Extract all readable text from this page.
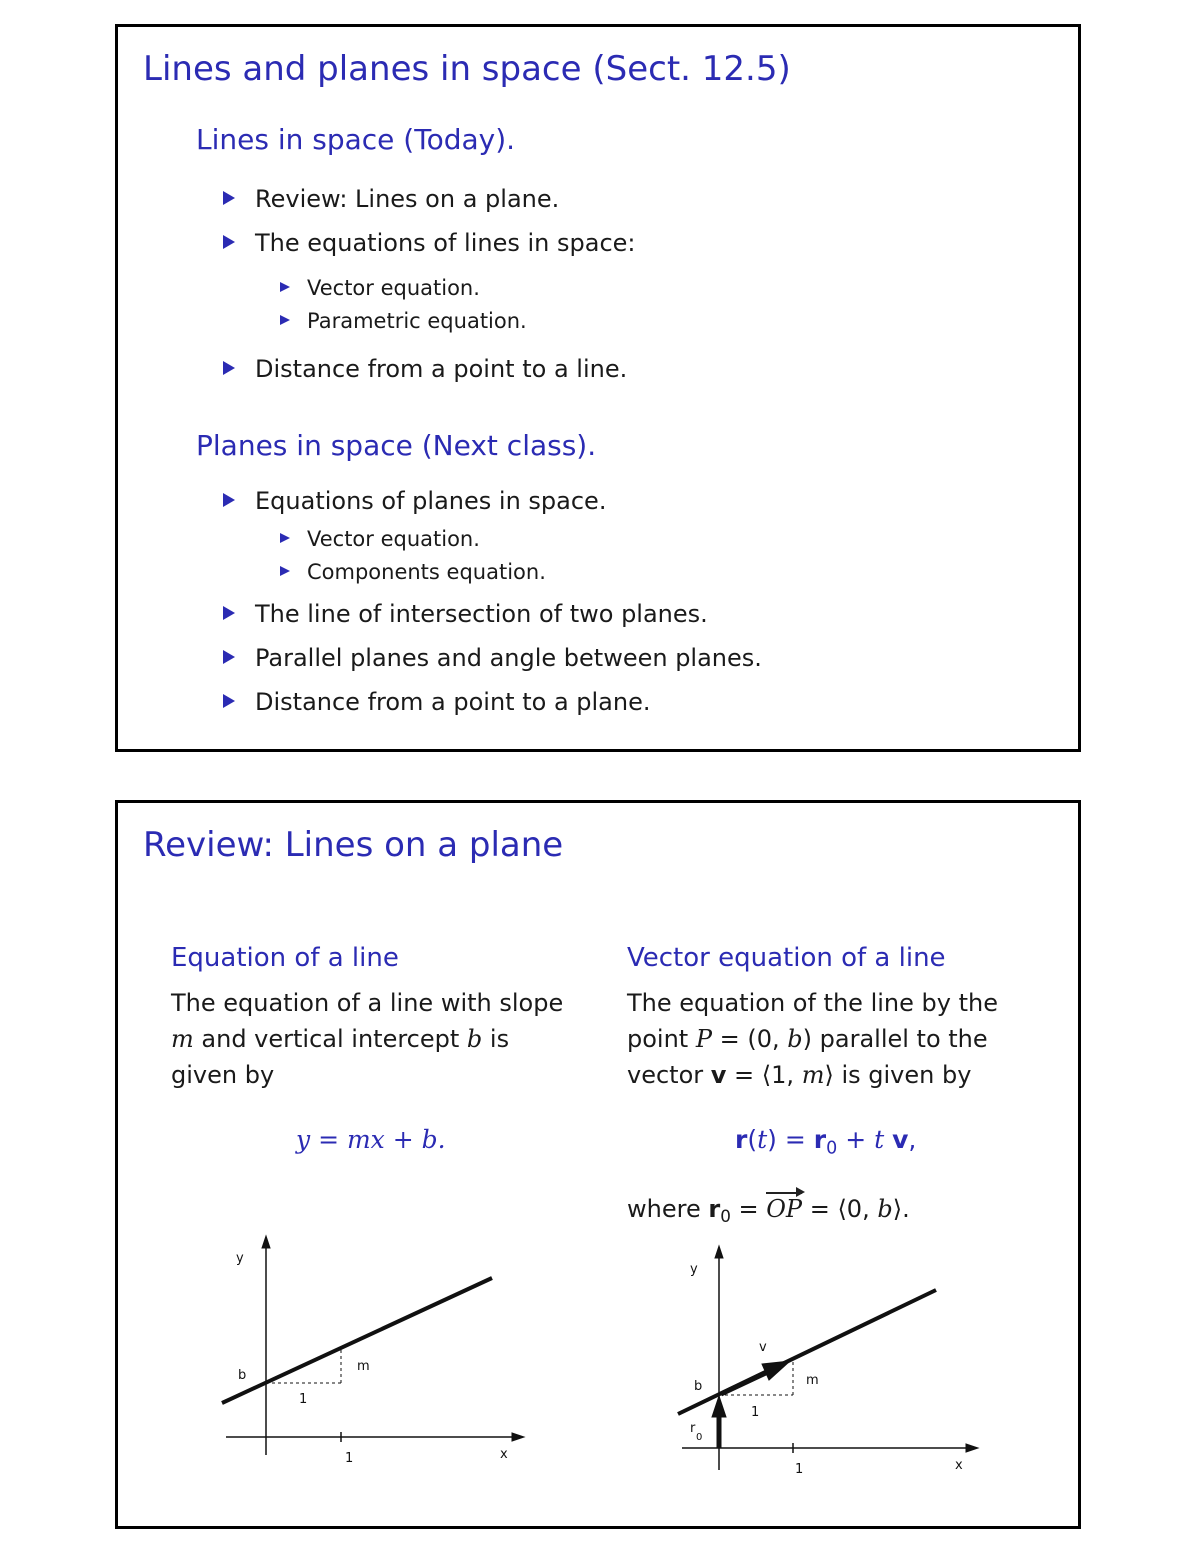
Lines and planes in space (Sect. 12.5)
Lines in space (Today).
Review: Lines on a plane.
The equations of lines in space:
Vector equation.
Parametric equation.
Distance from a point to a line.
Planes in space (Next class).
Equations of planes in space.
Vector equation.
Components equation.
The line of intersection of two planes.
Parallel planes and angle between planes.
Distance from a point to a plane.
Review: Lines on a plane
Equation of a line
The equation of a line with slope
m and vertical intercept b is
given by
y = mx + b.
Vector equation of a line
The equation of the line by the
point P = (0, b) parallel to the
vector v = ⟨1, m⟩ is given by
$r(t) = r_0 + t$ v,
where $r_0$ = OP = ⟨0, b⟩.
y
x
b
m
1
1
y
x
b	m
v
1
r
0
1
